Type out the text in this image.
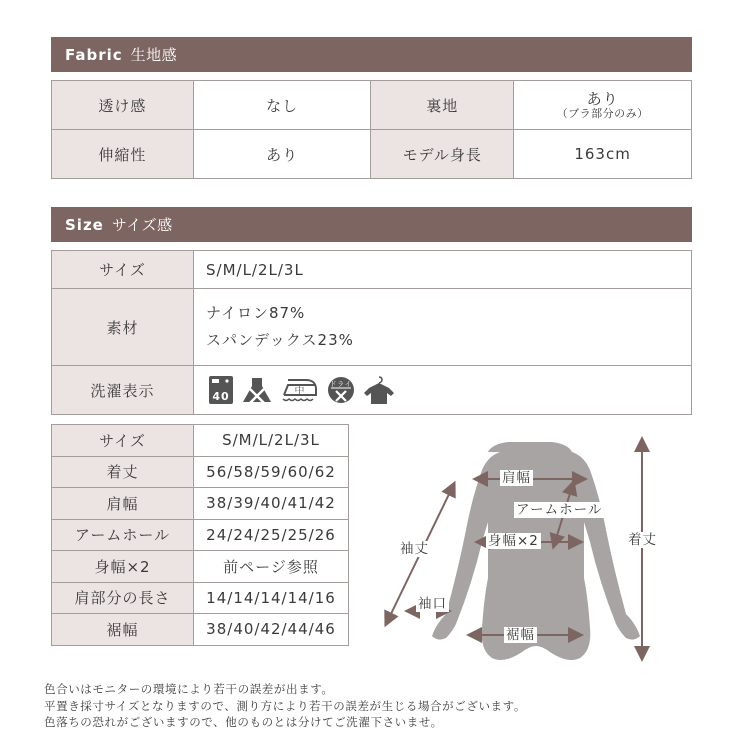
Fabric 生地感
透け感	なし	裏地	あり
（ブラ部分のみ）

伸縮性	あり	モデル身長	163cm
Size サイズ感
サイズ	S/M/L/2L/3L
素材	ナイロン87%
スパンデックス23%

洗濯表示	40 中
ドライ
サイズ	S/M/L/2L/3L
着丈	56/58/59/60/62
肩幅	38/39/40/41/42
アームホール	24/24/25/25/26
身幅×2	前ページ参照
肩部分の長さ	14/14/14/14/16
裾幅	38/40/42/44/46
肩幅
アームホール
身幅×2
袖丈
袖口
裾幅
着丈
色合いはモニターの環境により若干の誤差が出ます。
平置き採寸サイズとなりますので、測り方により若干の誤差が生じる場合がございます。
色落ちの恐れがございますので、他のものとは分けてご洗濯下さいませ。
